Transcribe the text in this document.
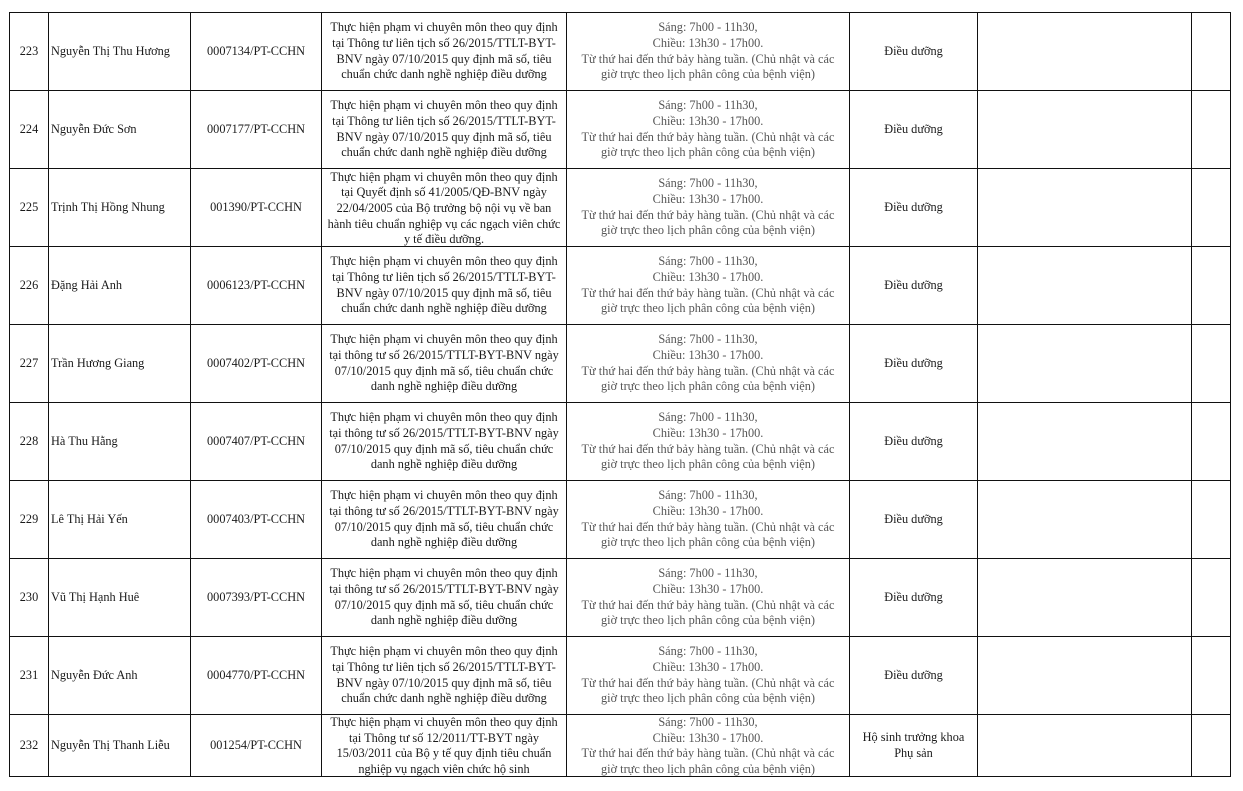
223	Nguyễn Thị Thu Hương	0007134/PT-CCHN	Thực hiện phạm vi chuyên môn theo quy định tại Thông tư liên tịch số 26/2015/TTLT-BYT-BNV ngày 07/10/2015 quy định mã số, tiêu chuẩn chức danh nghề nghiệp điều dưỡng	Sáng: 7h00 - 11h30,
Chiều: 13h30 - 17h00.
Từ thứ hai đến thứ bảy hàng tuần. (Chủ nhật và các
giờ trực theo lịch phân công của bệnh viện)	Điều dưỡng		

224	Nguyễn Đức Sơn	0007177/PT-CCHN	Thực hiện phạm vi chuyên môn theo quy định tại Thông tư liên tịch số 26/2015/TTLT-BYT-BNV ngày 07/10/2015 quy định mã số, tiêu chuẩn chức danh nghề nghiệp điều dưỡng	Sáng: 7h00 - 11h30,
Chiều: 13h30 - 17h00.
Từ thứ hai đến thứ bảy hàng tuần. (Chủ nhật và các
giờ trực theo lịch phân công của bệnh viện)	Điều dưỡng		

225	Trịnh Thị Hồng Nhung	001390/PT-CCHN	Thực hiện phạm vi chuyên môn theo quy định tại Quyết định số 41/2005/QĐ-BNV ngày 22/04/2005 của Bộ trưởng bộ nội vụ về ban hành tiêu chuẩn nghiệp vụ các ngạch viên chức y tế điều dưỡng.	Sáng: 7h00 - 11h30,
Chiều: 13h30 - 17h00.
Từ thứ hai đến thứ bảy hàng tuần. (Chủ nhật và các
giờ trực theo lịch phân công của bệnh viện)	Điều dưỡng		

226	Đặng Hải Anh	0006123/PT-CCHN	Thực hiện phạm vi chuyên môn theo quy định tại Thông tư liên tịch số 26/2015/TTLT-BYT-BNV ngày 07/10/2015 quy định mã số, tiêu chuẩn chức danh nghề nghiệp điều dưỡng	Sáng: 7h00 - 11h30,
Chiều: 13h30 - 17h00.
Từ thứ hai đến thứ bảy hàng tuần. (Chủ nhật và các
giờ trực theo lịch phân công của bệnh viện)	Điều dưỡng		

227	Trần Hương Giang	0007402/PT-CCHN	Thực hiện phạm vi chuyên môn theo quy định tại thông tư số 26/2015/TTLT-BYT-BNV ngày 07/10/2015 quy định mã số, tiêu chuẩn chức danh nghề nghiệp điều dưỡng	Sáng: 7h00 - 11h30,
Chiều: 13h30 - 17h00.
Từ thứ hai đến thứ bảy hàng tuần. (Chủ nhật và các
giờ trực theo lịch phân công của bệnh viện)	Điều dưỡng		

228	Hà Thu Hằng	0007407/PT-CCHN	Thực hiện phạm vi chuyên môn theo quy định tại thông tư số 26/2015/TTLT-BYT-BNV ngày 07/10/2015 quy định mã số, tiêu chuẩn chức danh nghề nghiệp điều dưỡng	Sáng: 7h00 - 11h30,
Chiều: 13h30 - 17h00.
Từ thứ hai đến thứ bảy hàng tuần. (Chủ nhật và các
giờ trực theo lịch phân công của bệnh viện)	Điều dưỡng		

229	Lê Thị Hải Yến	0007403/PT-CCHN	Thực hiện phạm vi chuyên môn theo quy định tại thông tư số 26/2015/TTLT-BYT-BNV ngày 07/10/2015 quy định mã số, tiêu chuẩn chức danh nghề nghiệp điều dưỡng	Sáng: 7h00 - 11h30,
Chiều: 13h30 - 17h00.
Từ thứ hai đến thứ bảy hàng tuần. (Chủ nhật và các
giờ trực theo lịch phân công của bệnh viện)	Điều dưỡng		

230	Vũ Thị Hạnh Huê	0007393/PT-CCHN	Thực hiện phạm vi chuyên môn theo quy định tại thông tư số 26/2015/TTLT-BYT-BNV ngày 07/10/2015 quy định mã số, tiêu chuẩn chức danh nghề nghiệp điều dưỡng	Sáng: 7h00 - 11h30,
Chiều: 13h30 - 17h00.
Từ thứ hai đến thứ bảy hàng tuần. (Chủ nhật và các
giờ trực theo lịch phân công của bệnh viện)	Điều dưỡng		

231	Nguyễn Đức Anh	0004770/PT-CCHN	Thực hiện phạm vi chuyên môn theo quy định tại Thông tư liên tịch số 26/2015/TTLT-BYT-BNV ngày 07/10/2015 quy định mã số, tiêu chuẩn chức danh nghề nghiệp điều dưỡng	Sáng: 7h00 - 11h30,
Chiều: 13h30 - 17h00.
Từ thứ hai đến thứ bảy hàng tuần. (Chủ nhật và các
giờ trực theo lịch phân công của bệnh viện)	Điều dưỡng		

232	Nguyễn Thị Thanh Liễu	001254/PT-CCHN	Thực hiện phạm vi chuyên môn theo quy định tại Thông tư số 12/2011/TT-BYT ngày 15/03/2011 của Bộ y tế quy định tiêu chuẩn nghiệp vụ ngạch viên chức hộ sinh	Sáng: 7h00 - 11h30,
Chiều: 13h30 - 17h00.
Từ thứ hai đến thứ bảy hàng tuần. (Chủ nhật và các
giờ trực theo lịch phân công của bệnh viện)	Hộ sinh trưởng khoa Phụ sản		
